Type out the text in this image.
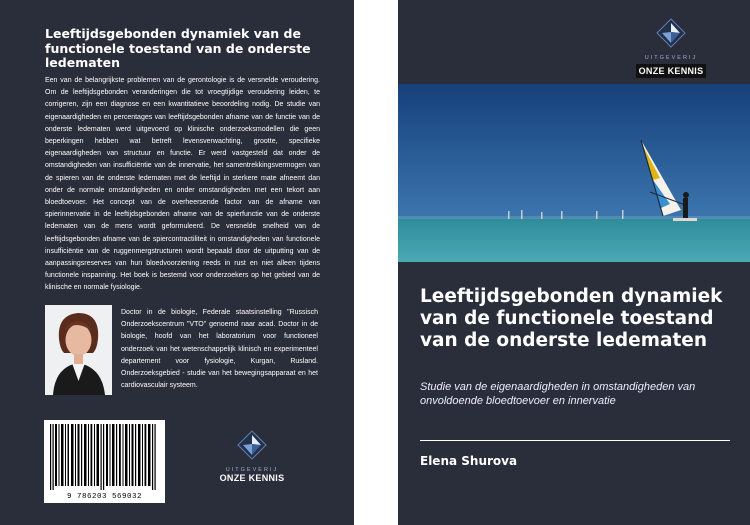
Leeftijdsgebonden dynamiek van de functionele toestand van de onderste ledematen

Een van de belangrijkste problemen van de gerontologie is de versnelde veroudering. Om de leeftijdsgebonden veranderingen die tot vroegtijdige veroudering leiden, te corrigeren, zijn een diagnose en een kwantitatieve beoordeling nodig. De studie van eigenaardigheden en percentages van leeftijdsgebonden afname van de functie van de onderste ledematen werd uitgevoerd op klinische onderzoeksmodellen die geen beperkingen hebben wat betreft levensverwachting, grootte, specifieke eigenaardigheden van structuur en functie. Er werd vastgesteld dat onder de omstandigheden van insufficiëntie van de innervatie, het samentrekkingsvermogen van de spieren van de onderste ledematen met de leeftijd in sterkere mate afneemt dan onder de normale omstandigheden en onder omstandigheden met een tekort aan bloedtoevoer. Het concept van de overheersende factor van de afname van spierinnervatie in de leeftijdsgebonden afname van de spierfunctie van de onderste ledematen van de mens wordt geformuleerd. De versnelde snelheid van de leeftijdsgebonden afname van de spiercontractiliteit in omstandigheden van functionele insufficiëntie van de ruggenmergstructuren wordt bepaald door de uitputting van de aanpassingsreserves van hun bloedvoorziening reeds in rust en niet alleen tijdens functionele inspanning. Het boek is bestemd voor onderzoekers op het gebied van de klinische en normale fysiologie.

Doctor in de biologie, Federale staatsinstelling "Russisch Onderzoekscentrum "VTO" genoemd naar acad. Doctor in de biologie, hoofd van het laboratorium voor functioneel onderzoek van het wetenschappelijk klinisch en experimenteel departement voor fysiologie, Kurgan, Rusland. Onderzoeksgebied - studie van het bewegingsapparaat en het cardiovasculair systeem.

9 786203 569032
UITGEVERIJ
ONZE KENNIS
UITGEVERIJ
ONZE KENNIS
Leeftijdsgebonden dynamiek van de functionele toestand van de onderste ledematen

Studie van de eigenaardigheden in omstandigheden van onvoldoende bloedtoevoer en innervatie

Elena Shurova
